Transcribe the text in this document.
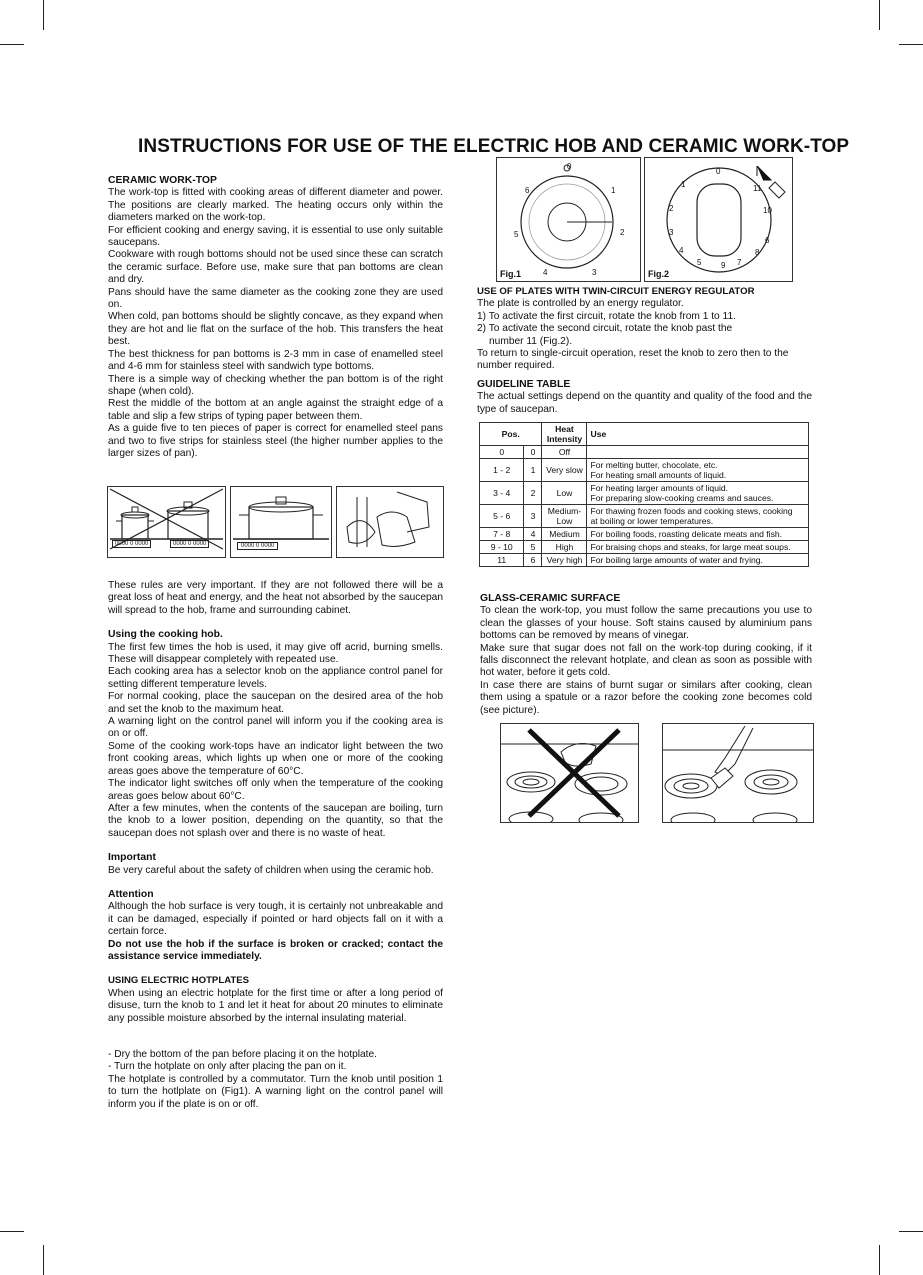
INSTRUCTIONS FOR USE OF THE ELECTRIC HOB AND CERAMIC WORK-TOP

CERAMIC WORK-TOP

The work-top is fitted with cooking areas of different diameter and power. The positions are clearly marked. The heating occurs only within the diameters marked on the work-top.

For efficient cooking and energy saving, it is essential to use only suitable saucepans.

Cookware with rough bottoms should not be used since these can scratch the ceramic surface. Before use, make sure that pan bottoms are clean and dry.

Pans should have the same diameter as the cooking zone they are used on.

When cold, pan bottoms should be slightly concave, as they expand when they are hot and lie flat on the surface of the hob. This transfers the heat best.

The best thickness for pan bottoms is 2-3 mm in case of enamelled steel and 4-6 mm for stainless steel with sandwich type bottoms.

There is a simple way of checking whether the pan bottom is of the right shape (when cold).

Rest the middle of the bottom at an angle against the straight edge of a table and slip a few strips of typing paper between them.

As a guide five to ten pieces of paper is correct for enamelled steel pans and two to five strips for stainless steel (the higher number applies to the larger sizes of pan).

0000 0 0000	0000 0 0000	0000 0 0000

These rules are very important. If they are not followed there will be a great loss of heat and energy, and the heat not absorbed by the saucepan will spread to the hob, frame and surrounding cabinet.

Using the cooking hob.

The first few times the hob is used, it may give off acrid, burning smells. These will disappear completely with repeated use.

Each cooking area has a selector knob on the appliance control panel for setting different temperature levels.

For normal cooking, place the saucepan on the desired area of the hob and set the knob to the maximum heat.

A warning light on the control panel will inform you if the cooking area is on or off.

Some of the cooking work-tops have an indicator light between the two front cooking areas, which lights up when one or more of the cooking areas goes above the temperature of 60°C.

The indicator light switches off only when the temperature of the cooking areas goes below about 60°C.

After a few minutes, when the contents of the saucepan are boiling, turn the knob to a lower position, depending on the quantity, so that the saucepan does not splash over and there is no waste of heat.

Important

Be very careful about the safety of children when using the ceramic hob.

Attention

Although the hob surface is very tough, it is certainly not unbreakable and it can be damaged, especially if pointed or hard objects fall on it with a certain force.

Do not use the hob if the surface is broken or cracked; contact the assistance service immediately.

USING ELECTRIC HOTPLATES

When using an electric hotplate for the first time or after a long period of disuse, turn the knob to 1 and let it heat for about 20 minutes to eliminate any possible moisture absorbed by the internal insulating material.

- Dry the bottom of the pan before placing it on the hotplate.

- Turn the hotplate on only after placing the pan on it.

The hotplate is controlled by a commutator. Turn the knob until position 1 to turn the hotlplate on (Fig1). A warning light on the control panel will inform you if the plate is on or off.

0
1
2
3
4
5
6
Fig.1
0
1
2
3
4
5
6
7
8
9
10
11
Fig.2

USE OF PLATES WITH TWIN-CIRCUIT ENERGY REGULATOR

The plate is controlled by an energy regulator.

1) To activate the first circuit, rotate the knob from 1 to 11.

2) To activate the second circuit, rotate the knob past the

number 11 (Fig.2).

To return to single-circuit operation, reset the knob to zero then to the number required.

GUIDELINE TABLE

The actual settings depend on the quantity and quality of the food and the type of saucepan.

Pos.		Heat Intensity	Use
0	0	Off	
1 - 2	1	Very slow	For melting butter, chocolate, etc.
For heating small amounts of liquid.

3 - 4	2	Low	For heating larger amounts of liquid.
For preparing slow-cooking creams and sauces.

5 - 6	3	Medium-Low	For thawing frozen foods and cooking stews, cooking
at boiling or lower temperatures.

7 - 8	4	Medium	For boiling foods, roasting delicate meats and fish.
9 - 10	5	High	For braising chops and steaks, for large meat soups.
11	6	Very high	For boiling large amounts of water and frying.

GLASS-CERAMIC SURFACE

To clean the work-top, you must follow the same precautions you use to clean the glasses of your house. Soft stains caused by aluminium pans bottoms can be removed by means of vinegar.

Make sure that sugar does not fall on the work-top during cooking, if it falls disconnect the relevant hotplate, and clean as soon as possible with hot water, before it gets cold.

In case there are stains of burnt sugar or similars after cooking, clean them using a spatule or a razor before the cooking zone becomes cold (see picture).
